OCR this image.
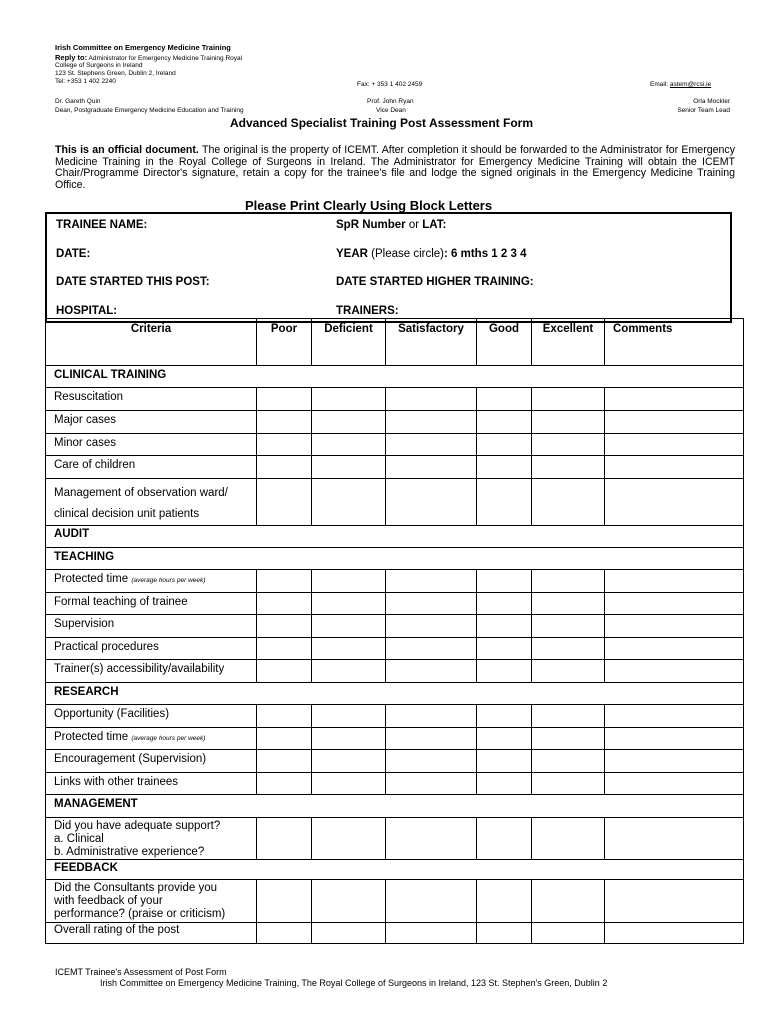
Irish Committee on Emergency Medicine Training
Reply to: Administrator for Emergency Medicine Training Royal
College of Surgeons in Ireland
123 St. Stephens Green, Dublin 2, Ireland
Tel: +353 1 402 2240	Fax: + 353 1 402 2459	Email: astem@rcsi.ie
Dr. Gareth Quin
Dean, Postgraduate Emergency Medicine Education and Training
Prof. John Ryan
Vice Dean
Orla Mockler
Senior Team Lead
Advanced Specialist Training Post Assessment Form
This is an official document. The original is the property of ICEMT. After completion it should be forwarded to the Administrator for Emergency Medicine Training in the Royal College of Surgeons in Ireland. The Administrator for Emergency Medicine Training will obtain the ICEMT Chair/Programme Director's signature, retain a copy for the trainee's file and lodge the signed originals in the Emergency Medicine Training Office.
Please Print Clearly Using Block Letters
TRAINEE NAME:	SpR Number or LAT:
DATE:	YEAR (Please circle): 6 mths 1 2 3 4
DATE STARTED THIS POST:	DATE STARTED HIGHER TRAINING:
HOSPITAL:	TRAINERS:
Criteria	Poor	Deficient	Satisfactory	Good	Excellent	Comments
CLINICAL TRAINING						
Resuscitation						
Major cases						
Minor cases						
Care of children						

Management of observation ward/
clinical decision unit patients						

AUDIT						
TEACHING						

Protected time (average hours per week)						

Formal teaching of trainee						
Supervision						
Practical procedures						
Trainer(s) accessibility/availability						
RESEARCH						
Opportunity (Facilities)						
Protected time (average hours per week)						
Encouragement (Supervision)						
Links with other trainees						
MANAGEMENT						

Did you have adequate support?
a. Clinical
b. Administrative experience?						

FEEDBACK						

Did the Consultants provide you
with feedback of your
performance? (praise or criticism)						

Overall rating of the post						
ICEMT Trainee's Assessment of Post Form
Irish Committee on Emergency Medicine Training, The Royal College of Surgeons in Ireland, 123 St. Stephen's Green, Dublin 2
